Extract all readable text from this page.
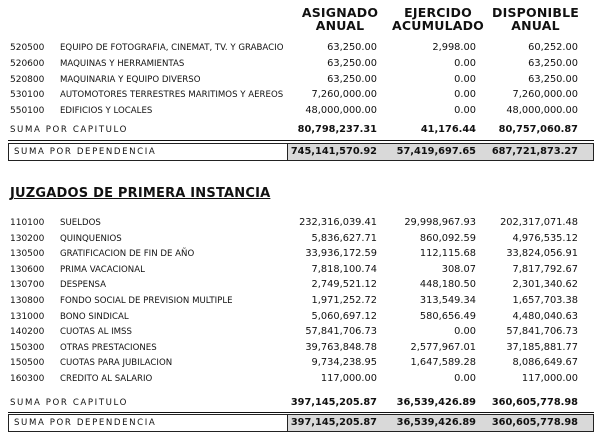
ASIGNADO
ANUAL
EJERCIDO
ACUMULADO
DISPONIBLE
ANUAL
520500 EQUIPO DE FOTOGRAFIA, CINEMAT, TV. Y GRABACIO	63,250.00	2,998.00	60,252.00
520600 MAQUINAS Y HERRAMIENTAS	63,250.00	0.00	63,250.00
520800 MAQUINARIA Y EQUIPO DIVERSO	63,250.00	0.00	63,250.00
530100 AUTOMOTORES TERRESTRES MARITIMOS Y AEREOS	7,260,000.00	0.00	7,260,000.00
550100 EDIFICIOS Y LOCALES	48,000,000.00	0.00	48,000,000.00
SUMA POR CAPITULO	80,798,237.31	41,176.44 80,757,060.87
SUMA POR DEPENDENCIA	745,141,570.92 57,419,697.65 687,721,873.27
JUZGADOS DE PRIMERA INSTANCIA
110100 SUELDOS	232,316,039.41	29,998,967.93 202,317,071.48
130200 QUINQUENIOS	5,836,627.71	860,092.59	4,976,535.12
130500 GRATIFICACION DE FIN DE AÑO	33,936,172.59	112,115.68	33,824,056.91
130600 PRIMA VACACIONAL	7,818,100.74	308.07	7,817,792.67
130700 DESPENSA	2,749,521.12	448,180.50	2,301,340.62
130800 FONDO SOCIAL DE PREVISION MULTIPLE	1,971,252.72	313,549.34	1,657,703.38
131000 BONO SINDICAL	5,060,697.12	580,656.49	4,480,040.63
140200 CUOTAS AL IMSS	57,841,706.73	0.00	57,841,706.73
150300 OTRAS PRESTACIONES	39,763,848.78	2,577,967.01	37,185,881.77
150500 CUOTAS PARA JUBILACION	9,734,238.95	1,647,589.28	8,086,649.67
160300 CREDITO AL SALARIO	117,000.00	0.00	117,000.00
SUMA POR CAPITULO	397,145,205.87 36,539,426.89 360,605,778.98
SUMA POR DEPENDENCIA	397,145,205.87 36,539,426.89 360,605,778.98
